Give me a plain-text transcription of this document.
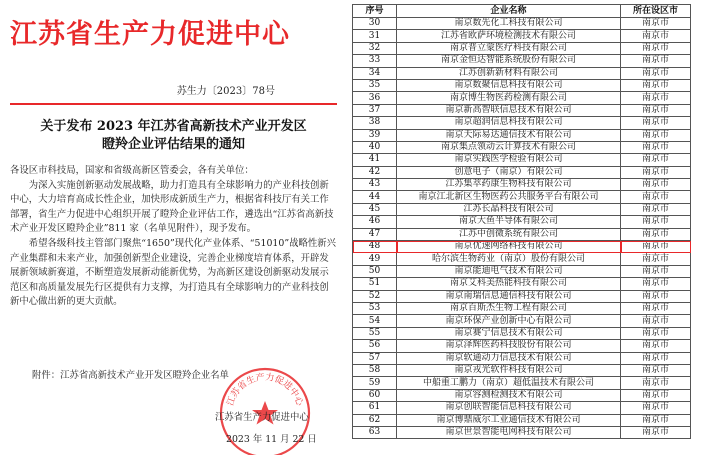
江苏省生产力促进中心
苏生力〔2023〕78号
关于发布 2023 年江苏省高新技术产业开发区
瞪羚企业评估结果的通知

各设区市科技局，国家和省级高新区管委会，各有关单位：

为深入实施创新驱动发展战略，助力打造具有全球影响力的产业科技创新中心，大力培育高成长性企业，加快形成新质生产力，根据省科技厅有关工作部署，省生产力促进中心组织开展了瞪羚企业评估工作，遴选出“江苏省高新技术产业开发区瞪羚企业”811 家（名单见附件），现予发布。

希望各级科技主管部门聚焦“1650”现代化产业体系、“51010”战略性新兴产业集群和未来产业，加强创新型企业建设，完善企业梯度培育体系，开辟发展新领域新赛道，不断塑造发展新动能新优势，为高新区建设创新驱动发展示范区和高质量发展先行区提供有力支撑，为打造具有全球影响力的产业科技创新中心做出新的更大贡献。

附件：江苏省高新技术产业开发区瞪羚企业名单
江苏省生产力促进中心
江苏省生产力促进中心
2023 年 11 月 22 日
序号	企业名称	所在设区市
30	南京数先化工科技有限公司	南京市
31	江苏省欧萨环境检测技术有限公司	南京市
32	南京普立蒙医疗科技有限公司	南京市
33	南京金恒达智能系统股份有限公司	南京市
34	江苏创新新材料有限公司	南京市
35	南京数聚信息科技有限公司	南京市
36	南京博生物医药检测有限公司	南京市
37	南京新高智联信息技术有限公司	南京市
38	南京超润信息科技有限公司	南京市
39	南京天际易达通信技术有限公司	南京市
40	南京集点领动云计算技术有限公司	南京市
41	南京实践医学检验有限公司	南京市
42	创意电子（南京）有限公司	南京市
43	江苏集萃药康生物科技有限公司	南京市
44	南京江北新区生物医药公共服务平台有限公司	南京市
45	江苏长晶科技有限公司	南京市
46	南京大鱼半导体有限公司	南京市
47	江苏中创微系统有限公司	南京市
48	南京优速网络科技有限公司	南京市
49	哈尔滨生物药业（南京）股份有限公司	南京市
50	南京能迪电气技术有限公司	南京市
51	南京艾科美热能科技有限公司	南京市
52	南京南瑞信息通信科技有限公司	南京市
53	南京百斯杰生物工程有限公司	南京市
54	南京环保产业创新中心有限公司	南京市
55	南京赛宁信息技术有限公司	南京市
56	南京泽辉医药科技股份有限公司	南京市
57	南京软通动力信息技术有限公司	南京市
58	南京戎光软件科技有限公司	南京市
59	中船重工鹏力（南京）超低温技术有限公司	南京市
60	南京容测检测技术有限公司	南京市
61	南京创联智能信息科技有限公司	南京市
62	南京博鼎威尔工业通信技术有限公司	南京市
63	南京世景智能电网科技有限公司	南京市
